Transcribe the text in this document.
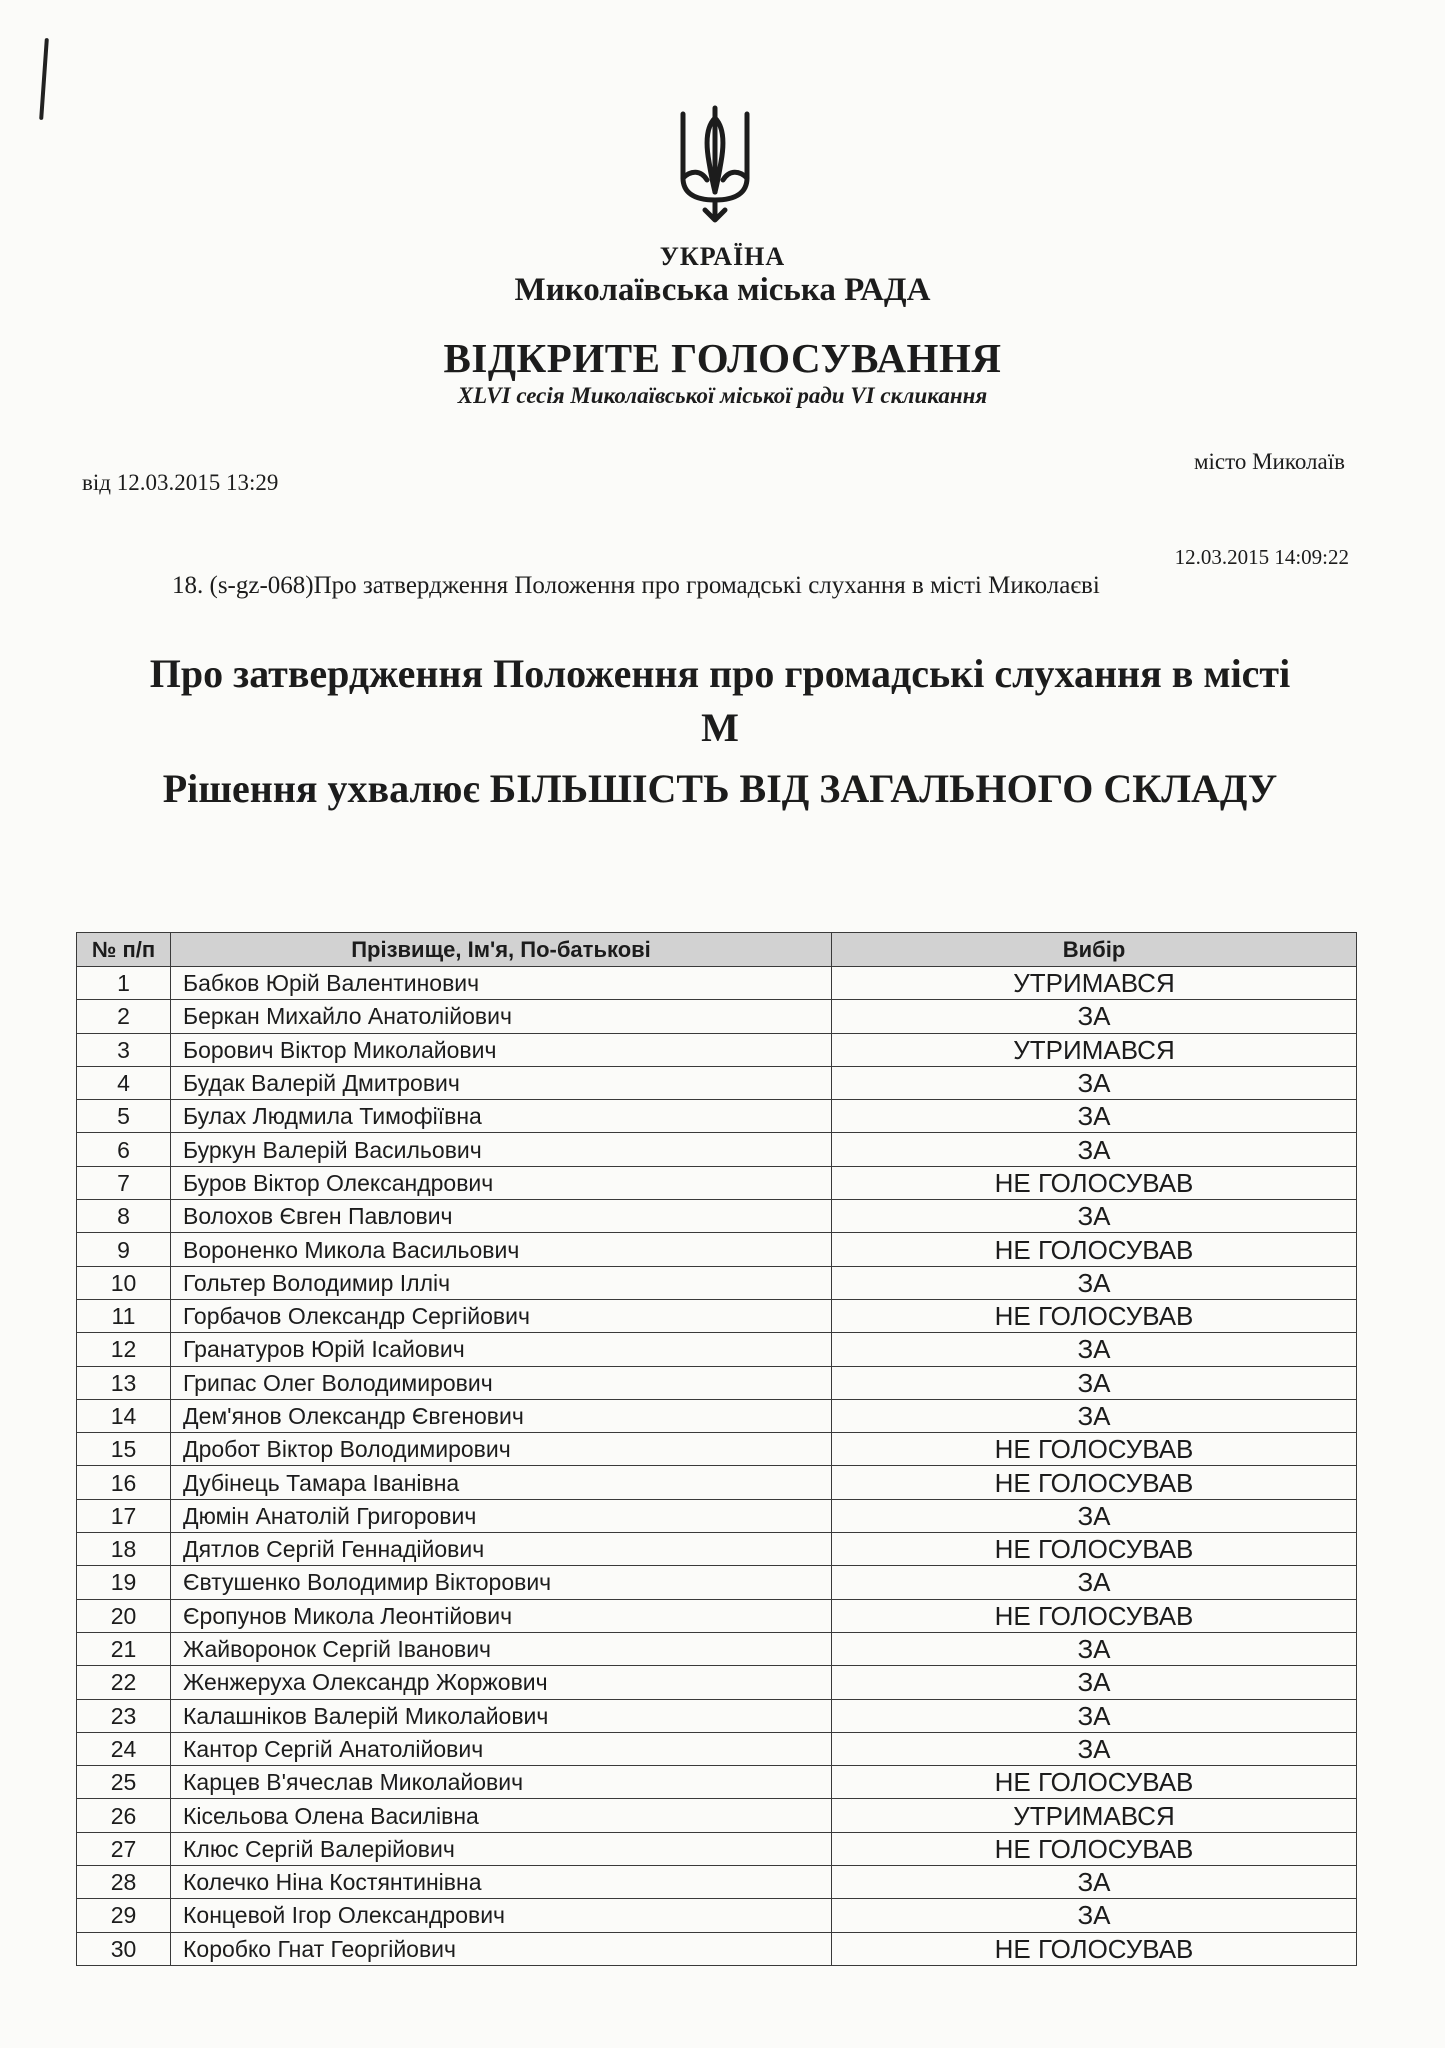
УКРАЇНА
Миколаївська міська РАДА
ВІДКРИТЕ ГОЛОСУВАННЯ
XLVI сесія Миколаївської міської ради VI скликання
місто Миколаїв
від 12.03.2015 13:29
12.03.2015 14:09:22
18. (s-gz-068)Про затвердження Положення про громадські слухання в місті Миколаєві
Про затвердження Положення про громадські слухання в місті
М
Рішення ухвалює БІЛЬШІСТЬ ВІД ЗАГАЛЬНОГО СКЛАДУ
№ п/п	Прізвище, Ім'я, По-батькові	Вибір
1	Бабков Юрій Валентинович	УТРИМАВСЯ
2	Беркан Михайло Анатолійович	ЗА
3	Борович Віктор Миколайович	УТРИМАВСЯ
4	Будак Валерій Дмитрович	ЗА
5	Булах Людмила Тимофіївна	ЗА
6	Буркун Валерій Васильович	ЗА
7	Буров Віктор Олександрович	НЕ ГОЛОСУВАВ
8	Волохов Євген Павлович	ЗА
9	Вороненко Микола Васильович	НЕ ГОЛОСУВАВ
10	Гольтер Володимир Ілліч	ЗА
11	Горбачов Олександр Сергійович	НЕ ГОЛОСУВАВ
12	Гранатуров Юрій Ісайович	ЗА
13	Грипас Олег Володимирович	ЗА
14	Дем'янов Олександр Євгенович	ЗА
15	Дробот Віктор Володимирович	НЕ ГОЛОСУВАВ
16	Дубінець Тамара Іванівна	НЕ ГОЛОСУВАВ
17	Дюмін Анатолій Григорович	ЗА
18	Дятлов Сергій Геннадійович	НЕ ГОЛОСУВАВ
19	Євтушенко Володимир Вікторович	ЗА
20	Єропунов Микола Леонтійович	НЕ ГОЛОСУВАВ
21	Жайворонок Сергій Іванович	ЗА
22	Женжеруха Олександр Жоржович	ЗА
23	Калашніков Валерій Миколайович	ЗА
24	Кантор Сергій Анатолійович	ЗА
25	Карцев В'ячеслав Миколайович	НЕ ГОЛОСУВАВ
26	Кісельова Олена Василівна	УТРИМАВСЯ
27	Клюс Сергій Валерійович	НЕ ГОЛОСУВАВ
28	Колечко Ніна Костянтинівна	ЗА
29	Концевой Ігор Олександрович	ЗА
30	Коробко Гнат Георгійович	НЕ ГОЛОСУВАВ
